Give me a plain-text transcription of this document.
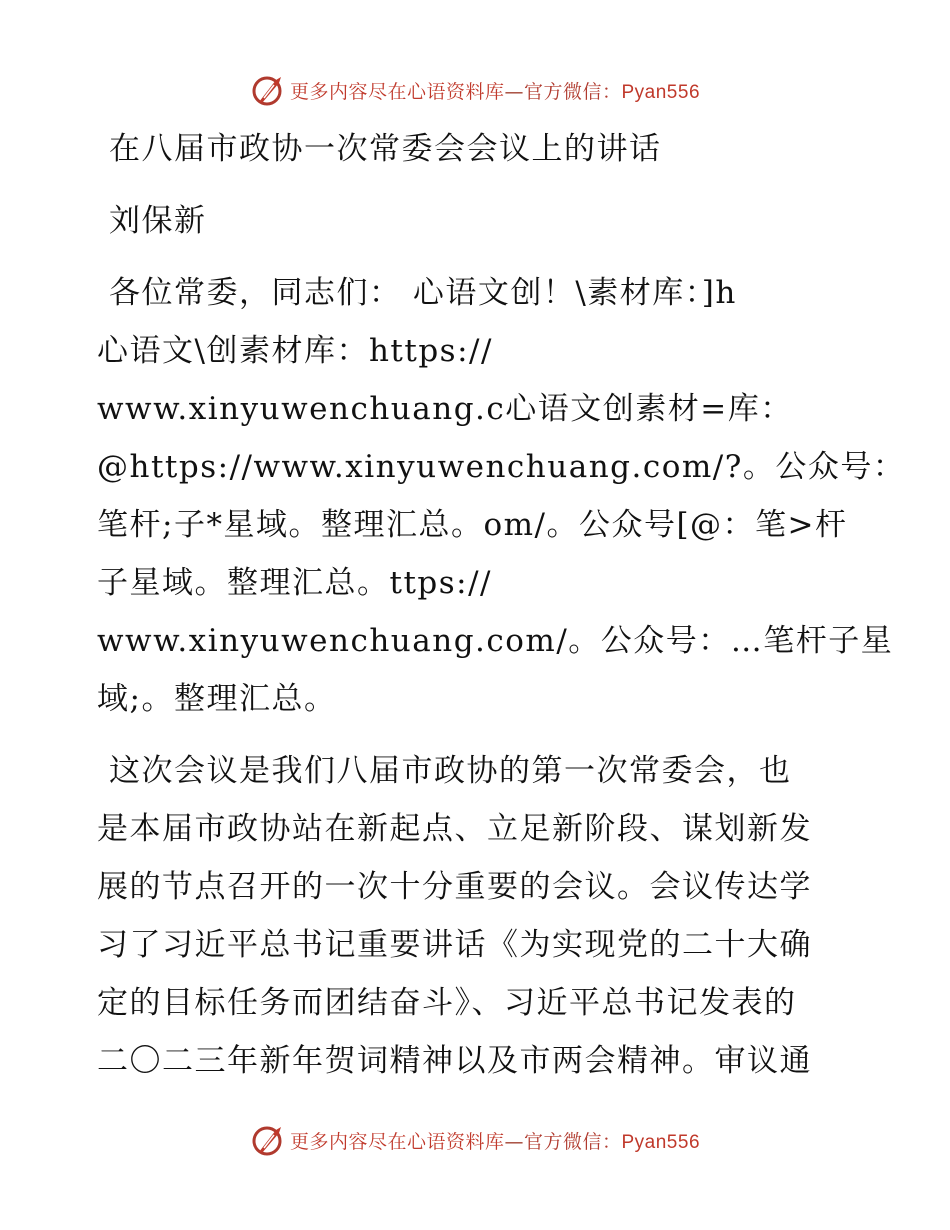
更多内容尽在心语资料库—官方微信：Pyan556
在八届市政协一次常委会会议上的讲话
刘保新
各位常委，同志们： 心语文创！\素材库：]h
心语文\创素材库：https://
www.xinyuwenchuang.c心语文创素材=库：
@https://www.xinyuwenchuang.com/?。公众号：
笔杆;子*星域。整理汇总。om/。公众号[@：笔>杆
子星域。整理汇总。ttps://
www.xinyuwenchuang.com/。公众号：…笔杆子星
域;。整理汇总。
这次会议是我们八届市政协的第一次常委会，也
是本届市政协站在新起点、立足新阶段、谋划新发
展的节点召开的一次十分重要的会议。会议传达学
习了习近平总书记重要讲话《为实现党的二十大确
定的目标任务而团结奋斗》、习近平总书记发表的
二〇二三年新年贺词精神以及市两会精神。审议通
更多内容尽在心语资料库—官方微信：Pyan556
